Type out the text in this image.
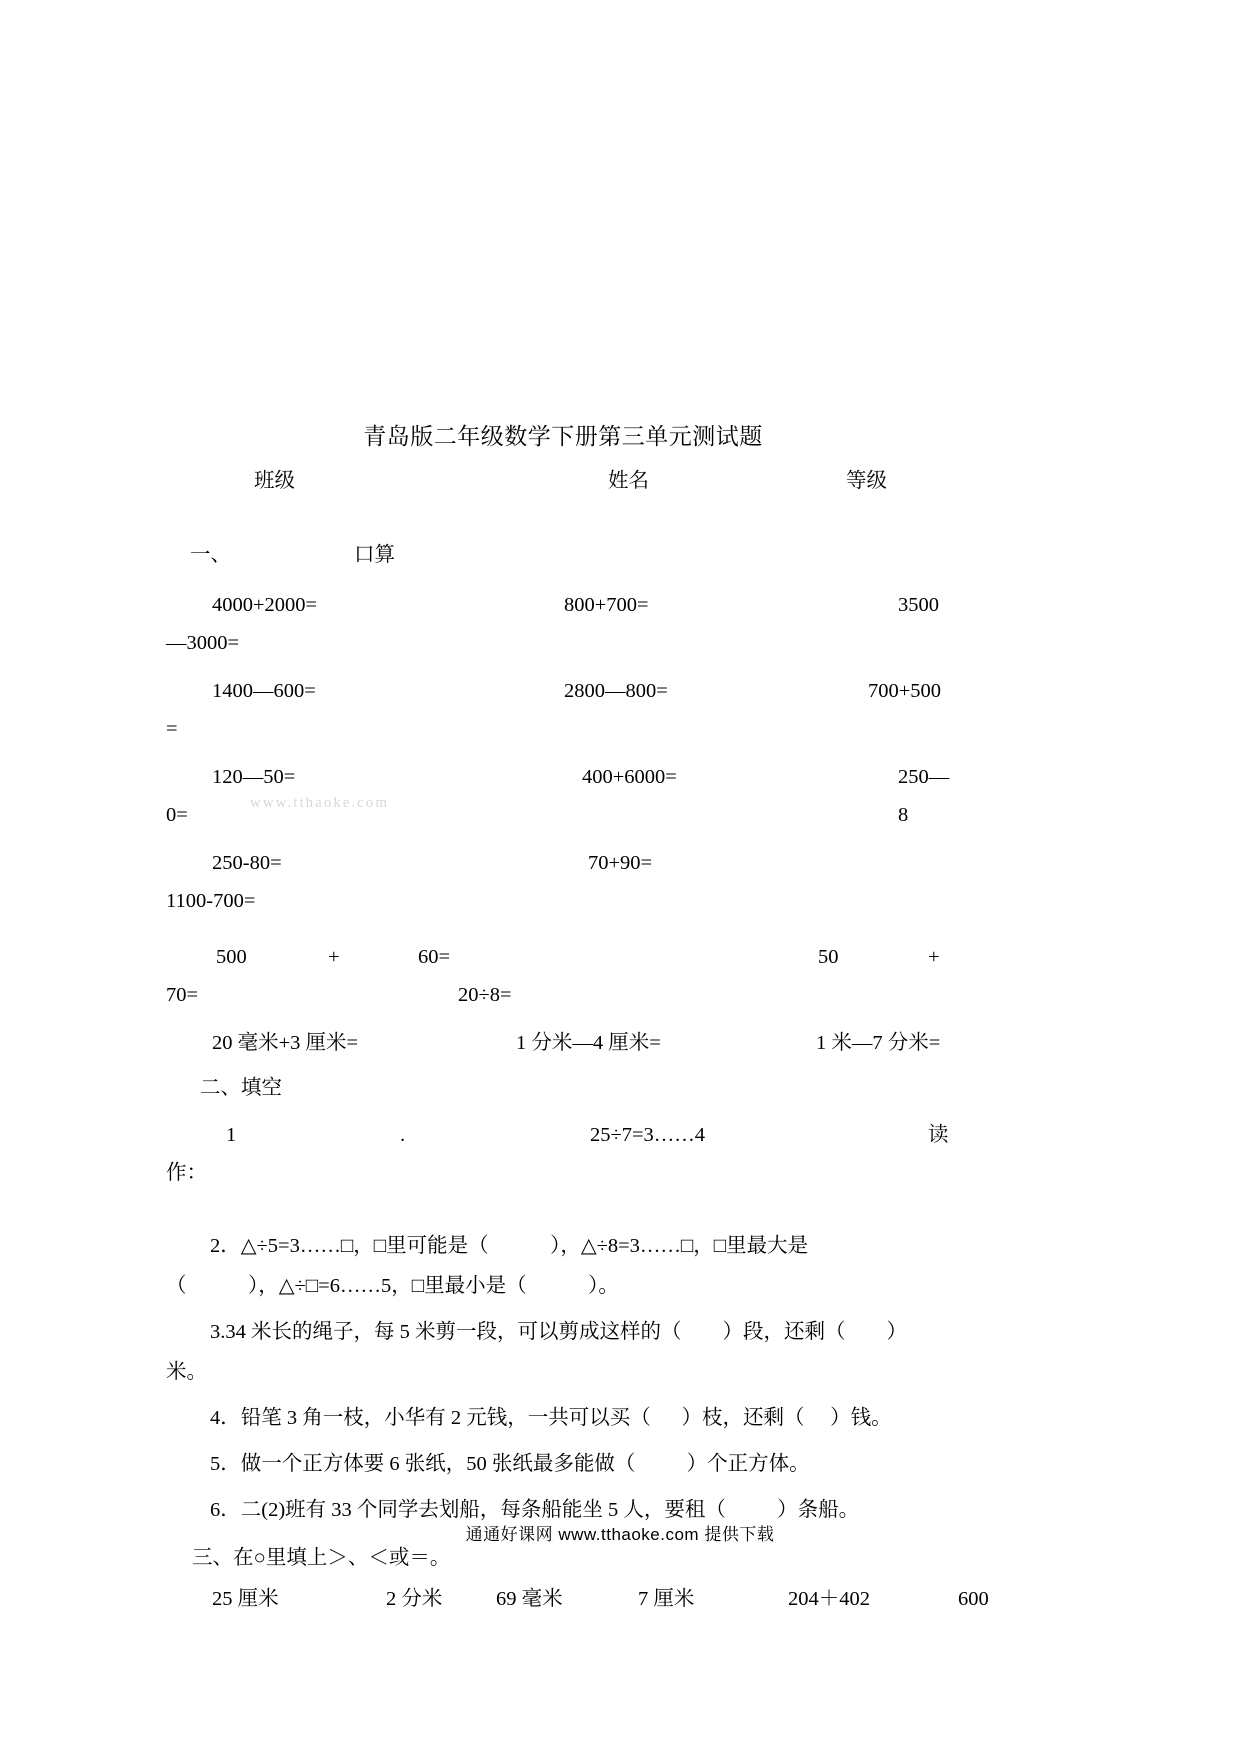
青岛版二年级数学下册第三单元测试题
班级	姓名	等级
一、	口算
4000+2000=	800+700=	3500
—3000=
1400—600=	2800—800=	700+500
=
120—50=	400+6000=	250—8
0=
250-80=	70+90=
1100-700=
500	+	60=	50	+
70=	20÷8=
20 毫米+3 厘米=	1 分米—4 厘米=	1 米—7 分米=
二、填空
1	.	25÷7=3……4	读
作：
2．△÷5=3……□，□里可能是（            ），△÷8=3……□，□里最大是
（            ），△÷□=6……5，□里最小是（            ）。
3.34 米长的绳子，每 5 米剪一段，可以剪成这样的（        ）段，还剩（        ）
米。
4．铅笔 3 角一枝，小华有 2 元钱，一共可以买（      ）枝，还剩（     ）钱。
5．做一个正方体要 6 张纸，50 张纸最多能做（          ）个正方体。
6．二(2)班有 33 个同学去划船，每条船能坐 5 人，要租（          ）条船。
三、在○里填上＞、＜或＝。
25 厘米	2 分米	69 毫米	7 厘米	204＋402	600
www.tthaoke.com
通通好课网 www.tthaoke.com 提供下载
